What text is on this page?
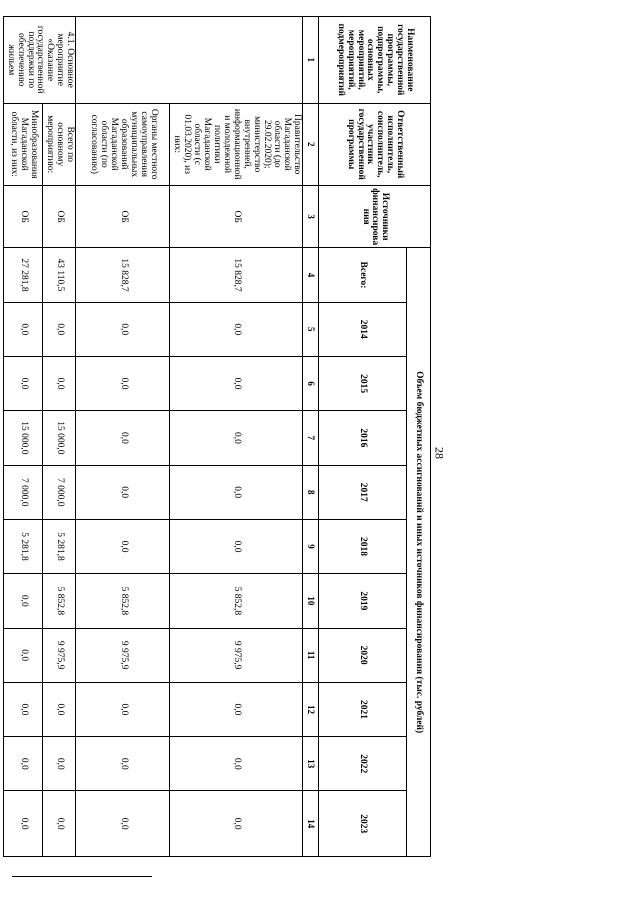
28
Наименование государственной программы, подпрограммы, основных мероприятий, мероприятий, подмероприятий	Ответственный исполнитель, соисполнитель, участник государственной программы	Источники финансирова ния	Объем бюджетных ассигнований и иных источников финансирования (тыс. рублей)										
			Всего:	2014	2015	2016	2017	2018	2019	2020	2021	2022	2023
1	2	3	4	5	6	7	8	9	10	11	12	13	14
	Правительство Магаданской области (до 29.02.2020); министерство внутренней, информационной и молодежной политики Магаданской области (с 01.03.2020), из них:	ОБ	15 828,7	0,0	0,0	0,0	0,0	0,0	5 852,8	9 975,9	0,0	0,0	0,0
	Органы местного самоуправления муниципальных образований Магаданской области (по согласованию)	ОБ	15 828,7	0,0	0,0	0,0	0,0	0,0	5 852,8	9 975,9	0,0	0,0	0,0
4.1. Основное мероприятие «Оказание государственной поддержки по обеспечению жильем	Всего по основному мероприятию:	ОБ	43 110,5	0,0	0,0	15 000,0	7 000,0	5 281,8	5 852,8	9 975,9	0,0	0,0	0,0
	Минобразования Магаданской области, из них:	ОБ	27 281,8	0,0	0,0	15 000,0	7 000,0	5 281,8	0,0	0,0	0,0	0,0	0,0
